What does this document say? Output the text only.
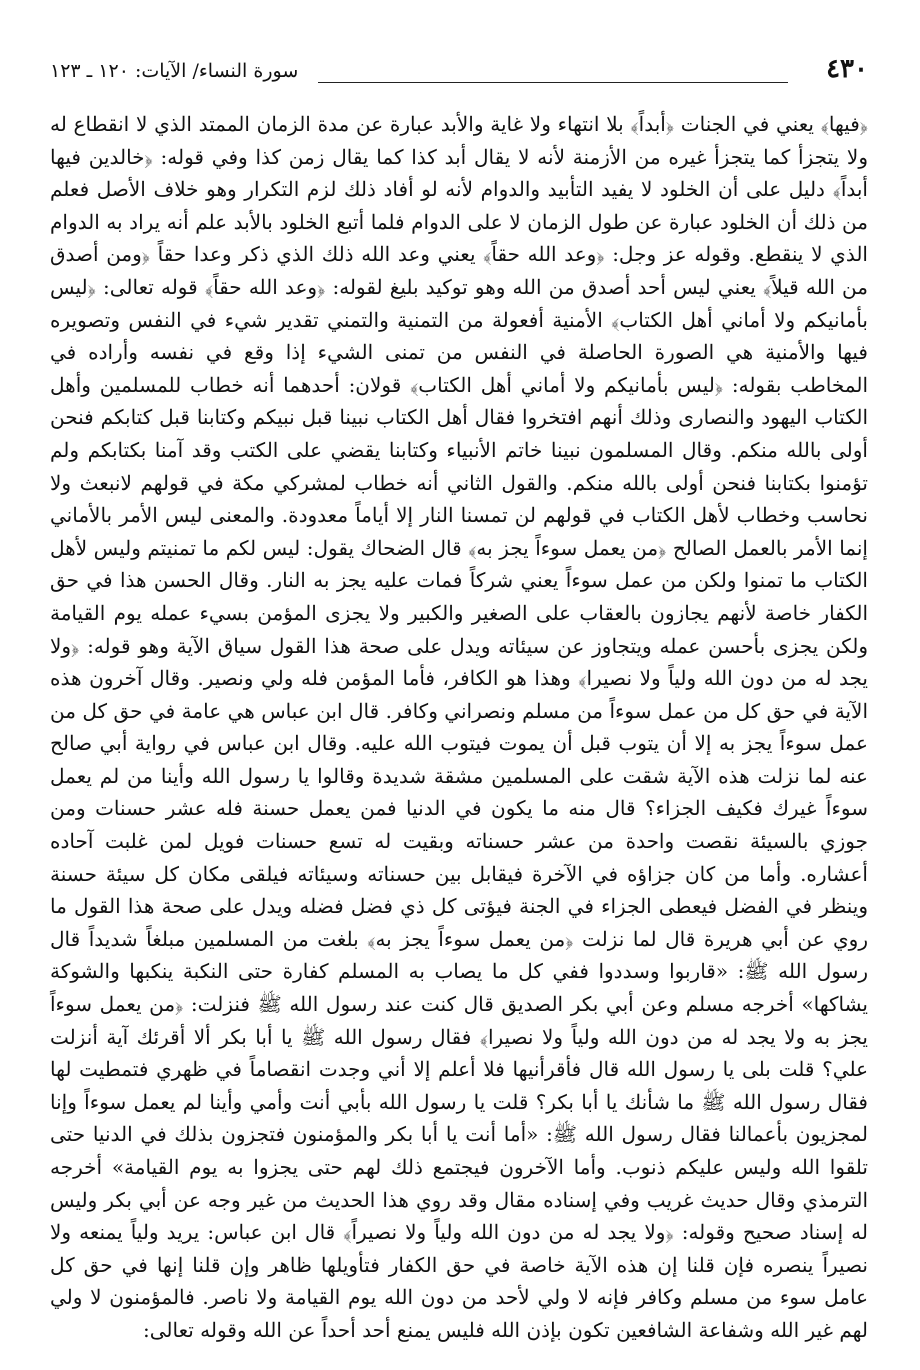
٤٣٠
سورة النساء/ الآيات: ١٢٠ ـ ١٢٣

﴿فيها﴾ يعني في الجنات ﴿أبداً﴾ بلا انتهاء ولا غاية والأبد عبارة عن مدة الزمان الممتد الذي لا انقطاع له ولا يتجزأ كما يتجزأ غيره من الأزمنة لأنه لا يقال أبد كذا كما يقال زمن كذا وفي قوله: ﴿خالدين فيها أبداً﴾ دليل على أن الخلود لا يفيد التأبيد والدوام لأنه لو أفاد ذلك لزم التكرار وهو خلاف الأصل فعلم من ذلك أن الخلود عبارة عن طول الزمان لا على الدوام فلما أتبع الخلود بالأبد علم أنه يراد به الدوام الذي لا ينقطع. وقوله عز وجل: ﴿وعد الله حقاً﴾ يعني وعد الله ذلك الذي ذكر وعدا حقاً ﴿ومن أصدق من الله قيلاً﴾ يعني ليس أحد أصدق من الله وهو توكيد بليغ لقوله: ﴿وعد الله حقاً﴾ قوله تعالى: ﴿ليس بأمانيكم ولا أماني أهل الكتاب﴾ الأمنية أفعولة من التمنية والتمني تقدير شيء في النفس وتصويره فيها والأمنية هي الصورة الحاصلة في النفس من تمنى الشيء إذا وقع في نفسه وأراده في المخاطب بقوله: ﴿ليس بأمانيكم ولا أماني أهل الكتاب﴾ قولان: أحدهما أنه خطاب للمسلمين وأهل الكتاب اليهود والنصارى وذلك أنهم افتخروا فقال أهل الكتاب نبينا قبل نبيكم وكتابنا قبل كتابكم فنحن أولى بالله منكم. وقال المسلمون نبينا خاتم الأنبياء وكتابنا يقضي على الكتب وقد آمنا بكتابكم ولم تؤمنوا بكتابنا فنحن أولى بالله منكم. والقول الثاني أنه خطاب لمشركي مكة في قولهم لانبعث ولا نحاسب وخطاب لأهل الكتاب في قولهم لن تمسنا النار إلا أياماً معدودة. والمعنى ليس الأمر بالأماني إنما الأمر بالعمل الصالح ﴿من يعمل سوءاً يجز به﴾ قال الضحاك يقول: ليس لكم ما تمنيتم وليس لأهل الكتاب ما تمنوا ولكن من عمل سوءاً يعني شركاً فمات عليه يجز به النار. وقال الحسن هذا في حق الكفار خاصة لأنهم يجازون بالعقاب على الصغير والكبير ولا يجزى المؤمن بسيء عمله يوم القيامة ولكن يجزى بأحسن عمله ويتجاوز عن سيئاته ويدل على صحة هذا القول سياق الآية وهو قوله: ﴿ولا يجد له من دون الله ولياً ولا نصيرا﴾ وهذا هو الكافر، فأما المؤمن فله ولي ونصير. وقال آخرون هذه الآية في حق كل من عمل سوءاً من مسلم ونصراني وكافر. قال ابن عباس هي عامة في حق كل من عمل سوءاً يجز به إلا أن يتوب قبل أن يموت فيتوب الله عليه. وقال ابن عباس في رواية أبي صالح عنه لما نزلت هذه الآية شقت على المسلمين مشقة شديدة وقالوا يا رسول الله وأينا من لم يعمل سوءاً غيرك فكيف الجزاء؟ قال منه ما يكون في الدنيا فمن يعمل حسنة فله عشر حسنات ومن جوزي بالسيئة نقصت واحدة من عشر حسناته وبقيت له تسع حسنات فويل لمن غلبت آحاده أعشاره. وأما من كان جزاؤه في الآخرة فيقابل بين حسناته وسيئاته فيلقى مكان كل سيئة حسنة وينظر في الفضل فيعطى الجزاء في الجنة فيؤتى كل ذي فضل فضله ويدل على صحة هذا القول ما روي عن أبي هريرة قال لما نزلت ﴿من يعمل سوءاً يجز به﴾ بلغت من المسلمين مبلغاً شديداً قال رسول الله ﷺ: «قاربوا وسددوا ففي كل ما يصاب به المسلم كفارة حتى النكبة ينكبها والشوكة يشاكها» أخرجه مسلم وعن أبي بكر الصديق قال كنت عند رسول الله ﷺ فنزلت: ﴿من يعمل سوءاً يجز به ولا يجد له من دون الله ولياً ولا نصيرا﴾ فقال رسول الله ﷺ يا أبا بكر ألا أقرئك آية أنزلت علي؟ قلت بلى يا رسول الله قال فأقرأنيها فلا أعلم إلا أني وجدت انقصاماً في ظهري فتمطيت لها فقال رسول الله ﷺ ما شأنك يا أبا بكر؟ قلت يا رسول الله بأبي أنت وأمي وأينا لم يعمل سوءاً وإنا لمجزيون بأعمالنا فقال رسول الله ﷺ: «أما أنت يا أبا بكر والمؤمنون فتجزون بذلك في الدنيا حتى تلقوا الله وليس عليكم ذنوب. وأما الآخرون فيجتمع ذلك لهم حتى يجزوا به يوم القيامة» أخرجه الترمذي وقال حديث غريب وفي إسناده مقال وقد روي هذا الحديث من غير وجه عن أبي بكر وليس له إسناد صحيح وقوله: ﴿ولا يجد له من دون الله ولياً ولا نصيراً﴾ قال ابن عباس: يريد ولياً يمنعه ولا نصيراً ينصره فإن قلنا إن هذه الآية خاصة في حق الكفار فتأويلها ظاهر وإن قلنا إنها في حق كل عامل سوء من مسلم وكافر فإنه لا ولي لأحد من دون الله يوم القيامة ولا ناصر. فالمؤمنون لا ولي لهم غير الله وشفاعة الشافعين تكون بإذن الله فليس يمنع أحد أحداً عن الله وقوله تعالى:
